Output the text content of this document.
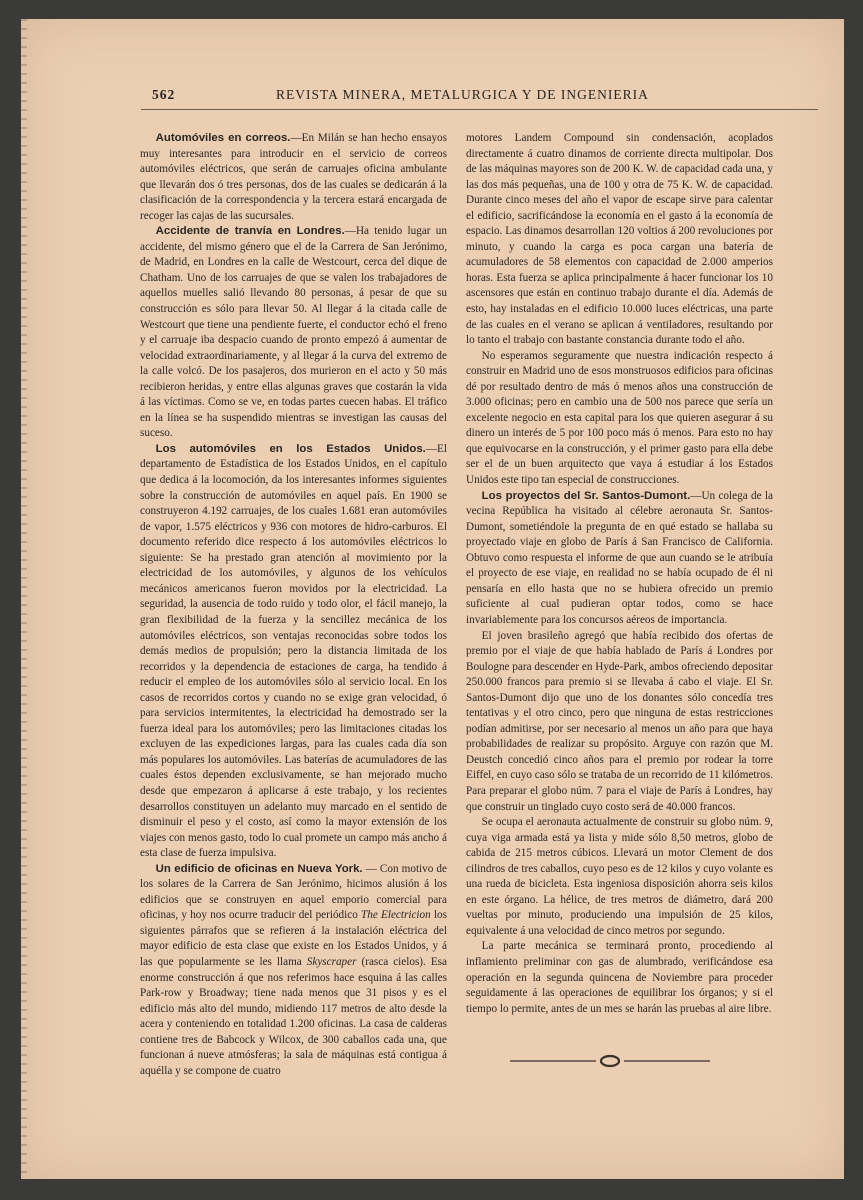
562	REVISTA MINERA, METALURGICA Y DE INGENIERIA

Automóviles en correos.—En Milán se han hecho ensayos muy interesantes para introducir en el servicio de correos automóviles eléctricos, que serán de carruajes oficina ambulante que llevarán dos ó tres personas, dos de las cuales se dedicarán á la clasificación de la correspondencia y la tercera estará encargada de recoger las cajas de las sucursales.

Accidente de tranvía en Londres.—Ha tenido lugar un accidente, del mismo género que el de la Carrera de San Jerónimo, de Madrid, en Londres en la calle de Westcourt, cerca del dique de Chatham. Uno de los carruajes de que se valen los trabajadores de aquellos muelles salió llevando 80 personas, á pesar de que su construcción es sólo para llevar 50. Al llegar á la citada calle de Westcourt que tiene una pendiente fuerte, el conductor echó el freno y el carruaje iba despacio cuando de pronto empezó á aumentar de velocidad extraordinariamente, y al llegar á la curva del extremo de la calle volcó. De los pasajeros, dos murieron en el acto y 50 más recibieron heridas, y entre ellas algunas graves que costarán la vida á las víctimas. Como se ve, en todas partes cuecen habas. El tráfico en la línea se ha suspendido mientras se investigan las causas del suceso.

Los automóviles en los Estados Unidos.—El departamento de Estadística de los Estados Unidos, en el capítulo que dedica á la locomoción, da los interesantes informes siguientes sobre la construcción de automóviles en aquel país. En 1900 se construyeron 4.192 carruajes, de los cuales 1.681 eran automóviles de vapor, 1.575 eléctricos y 936 con motores de hidro-carburos. El documento referido dice respecto á los automóviles eléctricos lo siguiente: Se ha prestado gran atención al movimiento por la electricidad de los automóviles, y algunos de los vehículos mecánicos americanos fueron movidos por la electricidad. La seguridad, la ausencia de todo ruido y todo olor, el fácil manejo, la gran flexibilidad de la fuerza y la sencillez mecánica de los automóviles eléctricos, son ventajas reconocidas sobre todos los demás medios de propulsión; pero la distancia limitada de los recorridos y la dependencia de estaciones de carga, ha tendido á reducir el empleo de los automóviles sólo al servicio local. En los casos de recorridos cortos y cuando no se exige gran velocidad, ó para servicios intermitentes, la electricidad ha demostrado ser la fuerza ideal para los automóviles; pero las limitaciones citadas los excluyen de las expediciones largas, para las cuales cada día son más populares los automóviles. Las baterías de acumuladores de las cuales éstos dependen exclusivamente, se han mejorado mucho desde que empezaron á aplicarse á este trabajo, y los recientes desarrollos constituyen un adelanto muy marcado en el sentido de disminuir el peso y el costo, así como la mayor extensión de los viajes con menos gasto, todo lo cual promete un campo más ancho á esta clase de fuerza impulsiva.

Un edificio de oficinas en Nueva York. — Con motivo de los solares de la Carrera de San Jerónimo, hicimos alusión á los edificios que se construyen en aquel emporio comercial para oficinas, y hoy nos ocurre traducir del periódico The Electricion los siguientes párrafos que se refieren á la instalación eléctrica del mayor edificio de esta clase que existe en los Estados Unidos, y á las que popularmente se les llama Skyscraper (rasca cielos). Esa enorme construcción á que nos referimos hace esquina á las calles Park-row y Broadway; tiene nada menos que 31 pisos y es el edificio más alto del mundo, midiendo 117 metros de alto desde la acera y conteniendo en totalidad 1.200 oficinas. La casa de calderas contiene tres de Babcock y Wilcox, de 300 caballos cada una, que funcionan á nueve atmósferas; la sala de máquinas está contigua á aquélla y se compone de cuatro

motores Landem Compound sin condensación, acoplados directamente á cuatro dinamos de corriente directa multipolar. Dos de las máquinas mayores son de 200 K. W. de capacidad cada una, y las dos más pequeñas, una de 100 y otra de 75 K. W. de capacidad. Durante cinco meses del año el vapor de escape sirve para calentar el edificio, sacrificándose la economía en el gasto á la economía de espacio. Las dinamos desarrollan 120 voltios á 200 revoluciones por minuto, y cuando la carga es poca cargan una batería de acumuladores de 58 elementos con capacidad de 2.000 amperios horas. Esta fuerza se aplica principalmente á hacer funcionar los 10 ascensores que están en continuo trabajo durante el día. Además de esto, hay instaladas en el edificio 10.000 luces eléctricas, una parte de las cuales en el verano se aplican á ventiladores, resultando por lo tanto el trabajo con bastante constancia durante todo el año.

No esperamos seguramente que nuestra indicación respecto á construir en Madrid uno de esos monstruosos edificios para oficinas dé por resultado dentro de más ó menos años una construcción de 3.000 oficinas; pero en cambio una de 500 nos parece que sería un excelente negocio en esta capital para los que quieren asegurar á su dinero un interés de 5 por 100 poco más ó menos. Para esto no hay que equivocarse en la construcción, y el primer gasto para ella debe ser el de un buen arquitecto que vaya á estudiar á los Estados Unidos este tipo tan especial de construcciones.

Los proyectos del Sr. Santos-Dumont.—Un colega de la vecina República ha visitado al célebre aeronauta Sr. Santos-Dumont, sometiéndole la pregunta de en qué estado se hallaba su proyectado viaje en globo de París á San Francisco de California. Obtuvo como respuesta el informe de que aun cuando se le atribuía el proyecto de ese viaje, en realidad no se había ocupado de él ni pensaría en ello hasta que no se hubiera ofrecido un premio suficiente al cual pudieran optar todos, como se hace invariablemente para los concursos aéreos de importancia.

El joven brasileño agregó que había recibido dos ofertas de premio por el viaje de que había hablado de París á Londres por Boulogne para descender en Hyde-Park, ambos ofreciendo depositar 250.000 francos para premio si se llevaba á cabo el viaje. El Sr. Santos-Dumont dijo que uno de los donantes sólo concedía tres tentativas y el otro cinco, pero que ninguna de estas restricciones podían admitirse, por ser necesario al menos un año para que haya probabilidades de realizar su propósito. Arguye con razón que M. Deustch concedió cinco años para el premio por rodear la torre Eiffel, en cuyo caso sólo se trataba de un recorrido de 11 kilómetros. Para preparar el globo núm. 7 para el viaje de París á Londres, hay que construir un tinglado cuyo costo será de 40.000 francos.

Se ocupa el aeronauta actualmente de construir su globo núm. 9, cuya viga armada está ya lista y mide sólo 8,50 metros, globo de cabida de 215 metros cúbicos. Llevará un motor Clement de dos cilindros de tres caballos, cuyo peso es de 12 kilos y cuyo volante es una rueda de bicicleta. Esta ingeniosa disposición ahorra seis kilos en este órgano. La hélice, de tres metros de diámetro, dará 200 vueltas por minuto, produciendo una impulsión de 25 kilos, equivalente á una velocidad de cinco metros por segundo.

La parte mecánica se terminará pronto, procediendo al inflamiento preliminar con gas de alumbrado, verificándose esa operación en la segunda quincena de Noviembre para proceder seguidamente á las operaciones de equilibrar los órganos; y si el tiempo lo permite, antes de un mes se harán las pruebas al aire libre.
